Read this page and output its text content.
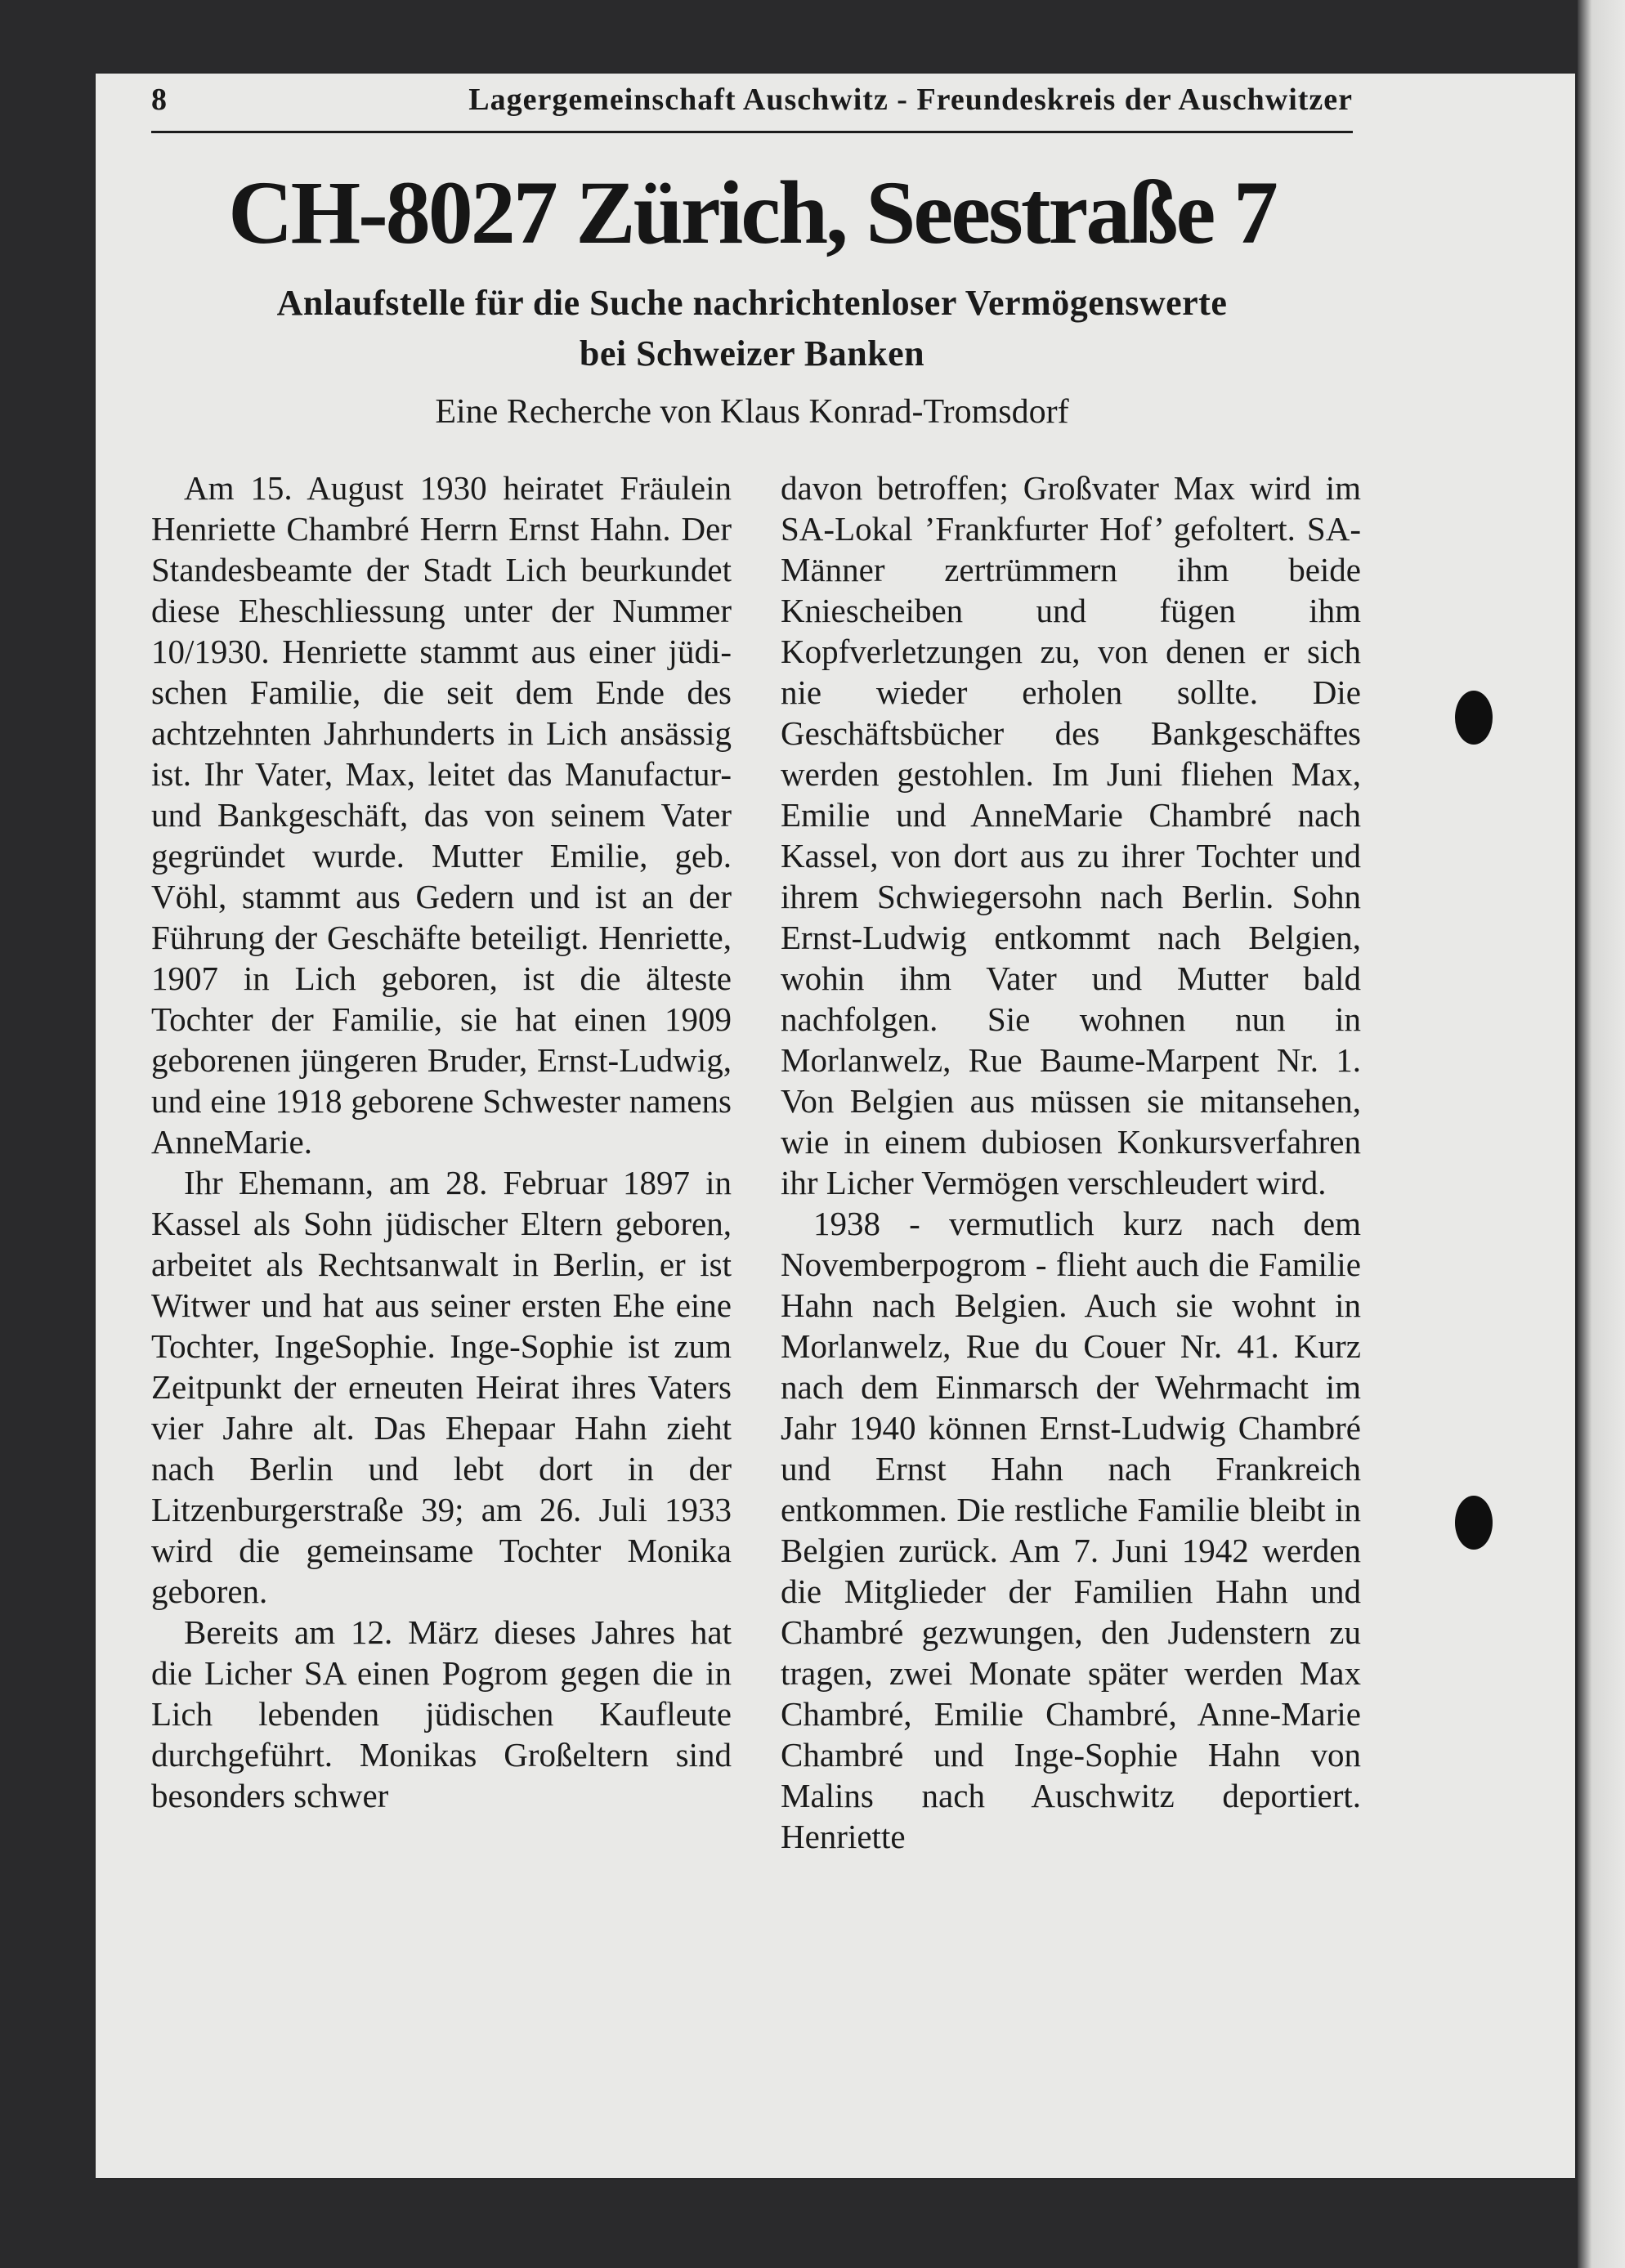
8	Lagergemeinschaft Auschwitz - Freundeskreis der Auschwitzer
CH-8027 Zürich, Seestraße 7
Anlaufstelle für die Suche nachrichtenloser Vermögenswerte
bei Schweizer Banken
Eine Recherche von Klaus Konrad-Tromsdorf

Am 15. August 1930 heiratet Fräulein Henriette Chambré Herrn Ernst Hahn. Der Standesbeamte der Stadt Lich beurkundet diese Eheschliessung unter der Nummer 10/1930. Henriette stammt aus einer jüdischen Familie, die seit dem Ende des achtzehnten Jahrhunderts in Lich ansässig ist. Ihr Vater, Max, leitet das Manufactur- und Bankgeschäft, das von seinem Vater gegründet wurde. Mutter Emilie, geb. Vöhl, stammt aus Gedern und ist an der Führung der Geschäfte beteiligt. Henriette, 1907 in Lich geboren, ist die älteste Tochter der Familie, sie hat einen 1909 geborenen jüngeren Bruder, Ernst-Ludwig, und eine 1918 geborene Schwester namens AnneMarie.

Ihr Ehemann, am 28. Februar 1897 in Kassel als Sohn jüdischer Eltern geboren, arbeitet als Rechtsanwalt in Berlin, er ist Witwer und hat aus seiner ersten Ehe eine Tochter, IngeSophie. Inge-Sophie ist zum Zeitpunkt der erneuten Heirat ihres Vaters vier Jahre alt. Das Ehepaar Hahn zieht nach Berlin und lebt dort in der Litzenburgerstraße 39; am 26. Juli 1933 wird die gemeinsame Tochter Monika geboren.

Bereits am 12. März dieses Jahres hat die Licher SA einen Pogrom gegen die in Lich lebenden jüdischen Kaufleute durchgeführt. Monikas Großeltern sind besonders schwer

davon betroffen; Großvater Max wird im SA-Lokal ’Frankfurter Hof’ gefoltert. SA-Männer zertrümmern ihm beide Kniescheiben und fügen ihm Kopfverletzungen zu, von denen er sich nie wieder erholen sollte. Die Geschäftsbücher des Bankgeschäftes werden gestohlen. Im Juni fliehen Max, Emilie und AnneMarie Chambré nach Kassel, von dort aus zu ihrer Tochter und ihrem Schwiegersohn nach Berlin. Sohn Ernst-Ludwig entkommt nach Belgien, wohin ihm Vater und Mutter bald nachfolgen. Sie wohnen nun in Morlanwelz, Rue Baume-Marpent Nr. 1. Von Belgien aus müssen sie mitansehen, wie in einem dubiosen Konkursverfahren ihr Licher Vermögen verschleudert wird.

1938 - vermutlich kurz nach dem Novemberpogrom - flieht auch die Familie Hahn nach Belgien. Auch sie wohnt in Morlanwelz, Rue du Couer Nr. 41. Kurz nach dem Einmarsch der Wehrmacht im Jahr 1940 können Ernst-Ludwig Chambré und Ernst Hahn nach Frankreich entkommen. Die restliche Familie bleibt in Belgien zurück. Am 7. Juni 1942 werden die Mitglieder der Familien Hahn und Chambré gezwungen, den Judenstern zu tragen, zwei Monate später werden Max Chambré, Emilie Chambré, Anne-Marie Chambré und Inge-Sophie Hahn von Malins nach Auschwitz deportiert. Henriette
